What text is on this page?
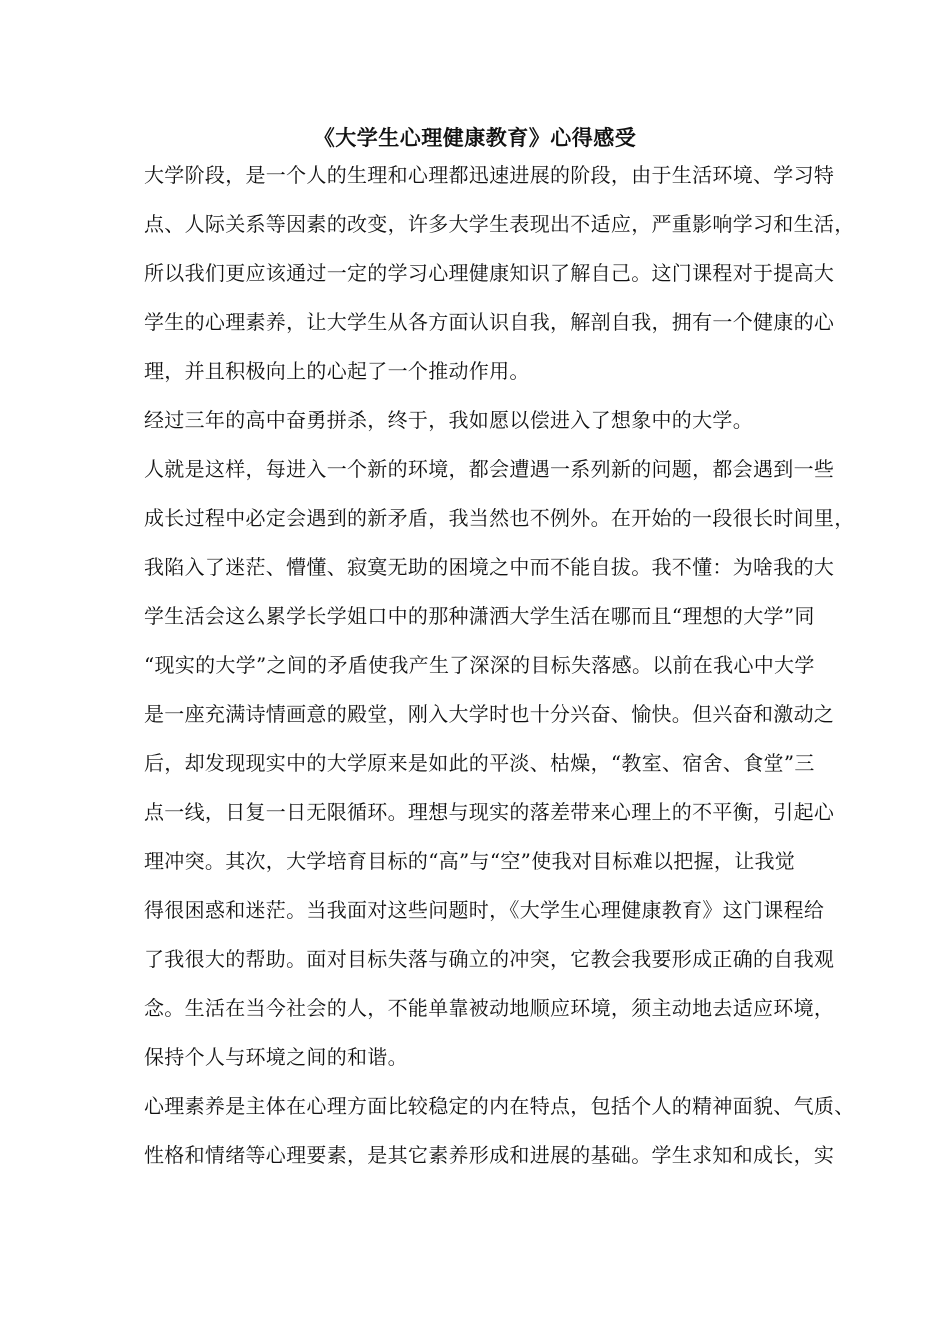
《大学生心理健康教育》心得感受
大学阶段，是一个人的生理和心理都迅速进展的阶段，由于生活环境、学习特
点、人际关系等因素的改变，许多大学生表现出不适应，严重影响学习和生活，
所以我们更应该通过一定的学习心理健康知识了解自己。这门课程对于提高大
学生的心理素养，让大学生从各方面认识自我，解剖自我，拥有一个健康的心
理，并且积极向上的心起了一个推动作用。
经过三年的高中奋勇拼杀，终于，我如愿以偿进入了想象中的大学。
人就是这样，每进入一个新的环境，都会遭遇一系列新的问题，都会遇到一些
成长过程中必定会遇到的新矛盾，我当然也不例外。在开始的一段很长时间里，
我陷入了迷茫、懵懂、寂寞无助的困境之中而不能自拔。我不懂：为啥我的大
学生活会这么累学长学姐口中的那种潇洒大学生活在哪而且“理想的大学”同
“现实的大学”之间的矛盾使我产生了深深的目标失落感。以前在我心中大学
是一座充满诗情画意的殿堂，刚入大学时也十分兴奋、愉快。但兴奋和激动之
后，却发现现实中的大学原来是如此的平淡、枯燥，“教室、宿舍、食堂”三
点一线，日复一日无限循环。理想与现实的落差带来心理上的不平衡，引起心
理冲突。其次，大学培育目标的“高”与“空”使我对目标难以把握，让我觉
得很困惑和迷茫。当我面对这些问题时，《大学生心理健康教育》这门课程给
了我很大的帮助。面对目标失落与确立的冲突，它教会我要形成正确的自我观
念。生活在当今社会的人，不能单靠被动地顺应环境，须主动地去适应环境，
保持个人与环境之间的和谐。
心理素养是主体在心理方面比较稳定的内在特点，包括个人的精神面貌、气质、
性格和情绪等心理要素，是其它素养形成和进展的基础。学生求知和成长，实
